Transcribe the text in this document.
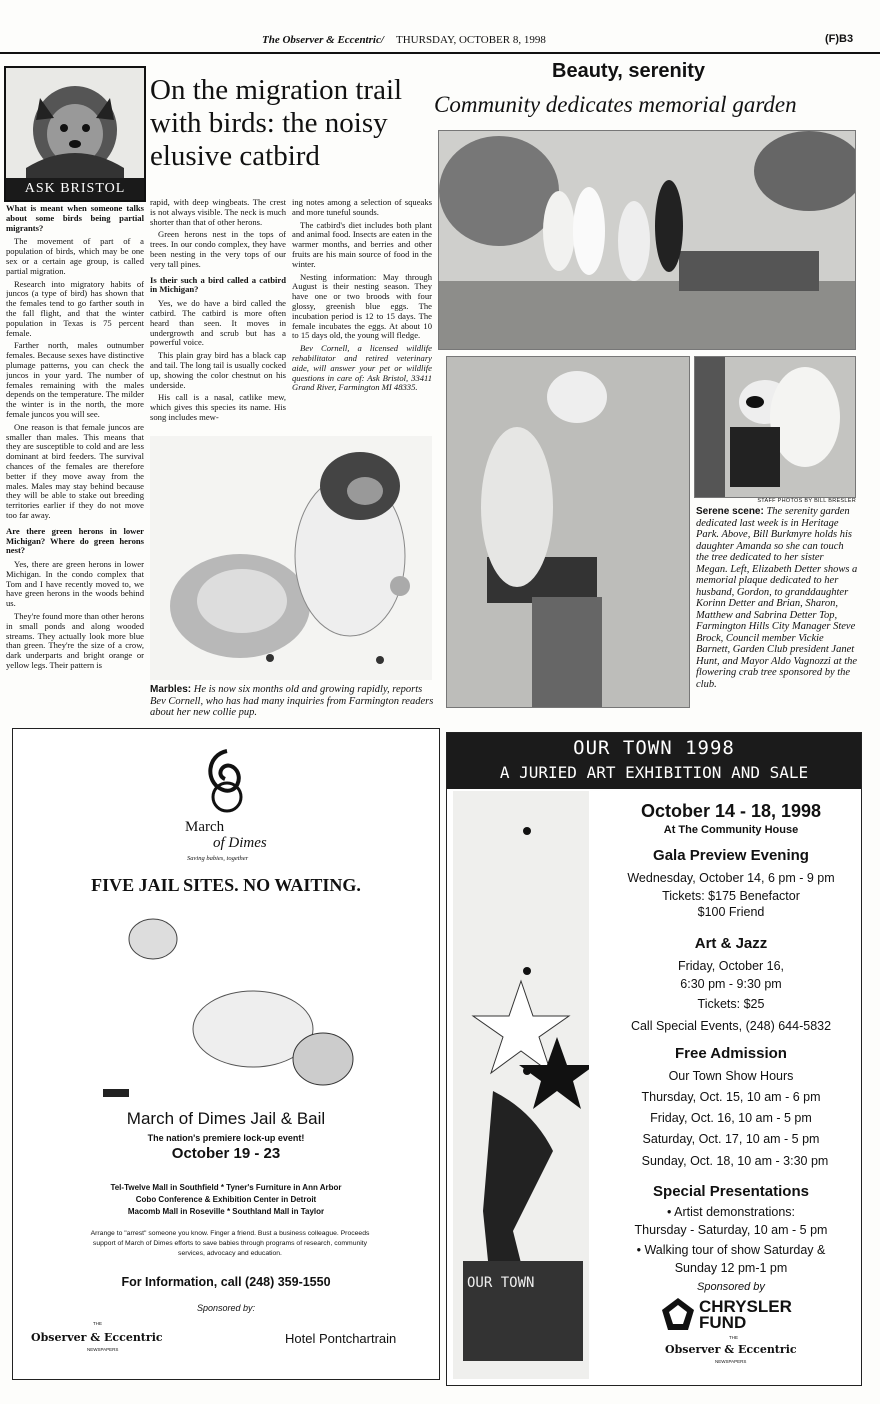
The Observer & Eccentric/ THURSDAY, OCTOBER 8, 1998	(F)B3
ASK BRISTOL
On the migration trail with birds: the noisy elusive catbird

What is meant when someone talks about some birds being partial migrants?

The movement of part of a population of birds, which may be one sex or a certain age group, is called partial migration.

Research into migratory habits of juncos (a type of bird) has shown that the females tend to go farther south in the fall flight, and that the winter population in Texas is 75 percent female.

Farther north, males outnumber females. Because sexes have distinctive plumage patterns, you can check the juncos in your yard. The number of females remaining with the males depends on the temperature. The milder the winter is in the north, the more female juncos you will see.

One reason is that female juncos are smaller than males. This means that they are susceptible to cold and are less dominant at bird feeders. The survival chances of the females are therefore better if they move away from the males. Males may stay behind because they will be able to stake out breeding territories earlier if they do not move too far away.

Are there green herons in lower Michigan? Where do green herons nest?

Yes, there are green herons in lower Michigan. In the condo complex that Tom and I have recently moved to, we have green herons in the woods behind us.

They're found more than other herons in small ponds and along wooded streams. They actually look more blue than green. They're the size of a crow, dark underparts and bright orange or yellow legs. Their pattern is

rapid, with deep wingbeats. The crest is not always visible. The neck is much shorter than that of other herons.

Green herons nest in the tops of trees. In our condo complex, they have been nesting in the very tops of our very tall pines.

Is their such a bird called a catbird in Michigan?

Yes, we do have a bird called the catbird. The catbird is more often heard than seen. It moves in undergrowth and scrub but has a powerful voice.

This plain gray bird has a black cap and tail. The long tail is usually cocked up, showing the color chestnut on his underside.

His call is a nasal, catlike mew, which gives this species its name. His song includes mew-

ing notes among a selection of squeaks and more tuneful sounds.

The catbird's diet includes both plant and animal food. Insects are eaten in the warmer months, and berries and other fruits are his main source of food in the winter.

Nesting information: May through August is their nesting season. They have one or two broods with four glossy, greenish blue eggs. The incubation period is 12 to 15 days. The female incubates the eggs. At about 10 to 15 days old, the young will fledge.

Bev Cornell, a licensed wildlife rehabilitator and retired veterinary aide, will answer your pet or wildlife questions in care of: Ask Bristol, 33411 Grand River, Farmington MI 48335.

Marbles: He is now six months old and growing rapidly, reports Bev Cornell, who has had many inquiries from Farmington readers about her new collie pup.
Beauty, serenity
Community dedicates memorial garden
STAFF PHOTOS BY BILL BRESLER
Serene scene: The serenity garden dedicated last week is in Heritage Park. Above, Bill Burkmyre holds his daughter Amanda so she can touch the tree dedicated to her sister Megan. Left, Elizabeth Detter shows a memorial plaque dedicated to her husband, Gordon, to granddaughter Korinn Detter and Brian, Sharon, Matthew and Sabrina Detter Top, Farmington Hills City Manager Steve Brock, Council member Vickie Barnett, Garden Club president Janet Hunt, and Mayor Aldo Vagnozzi at the flowering crab tree sponsored by the club.
March
of Dimes
Saving babies, together
FIVE JAIL SITES. NO WAITING.
March of Dimes Jail & Bail
The nation's premiere lock-up event!
October 19 - 23
Tel-Twelve Mall in Southfield * Tyner's Furniture in Ann Arbor
Cobo Conference & Exhibition Center in Detroit
Macomb Mall in Roseville * Southland Mall in Taylor
Arrange to "arrest" someone you know. Finger a friend. Bust a business colleague. Proceeds support of March of Dimes efforts to save babies through programs of research, community services, advocacy and education.
For Information, call (248) 359-1550
Sponsored by:
THE
Observer & Eccentric
NEWSPAPERS
Hotel Pontchartrain
OUR TOWN 1998
A JURIED ART EXHIBITION AND SALE
OUR TOWN
October 14 - 18, 1998
At The Community House
Gala Preview Evening
Wednesday, October 14, 6 pm - 9 pm
Tickets: $175 Benefactor
$100 Friend
Art & Jazz
Friday, October 16,
6:30 pm - 9:30 pm
Tickets: $25
Call Special Events, (248) 644-5832
Free Admission
Our Town Show Hours
Thursday, Oct. 15, 10 am - 6 pm
Friday, Oct. 16, 10 am - 5 pm
Saturday, Oct. 17, 10 am - 5 pm
Sunday, Oct. 18, 10 am - 3:30 pm
Special Presentations
• Artist demonstrations:
Thursday - Saturday, 10 am - 5 pm
• Walking tour of show Saturday &
Sunday 12 pm-1 pm
Sponsored by
CHRYSLER
FUND
THE
Observer & Eccentric
NEWSPAPERS
